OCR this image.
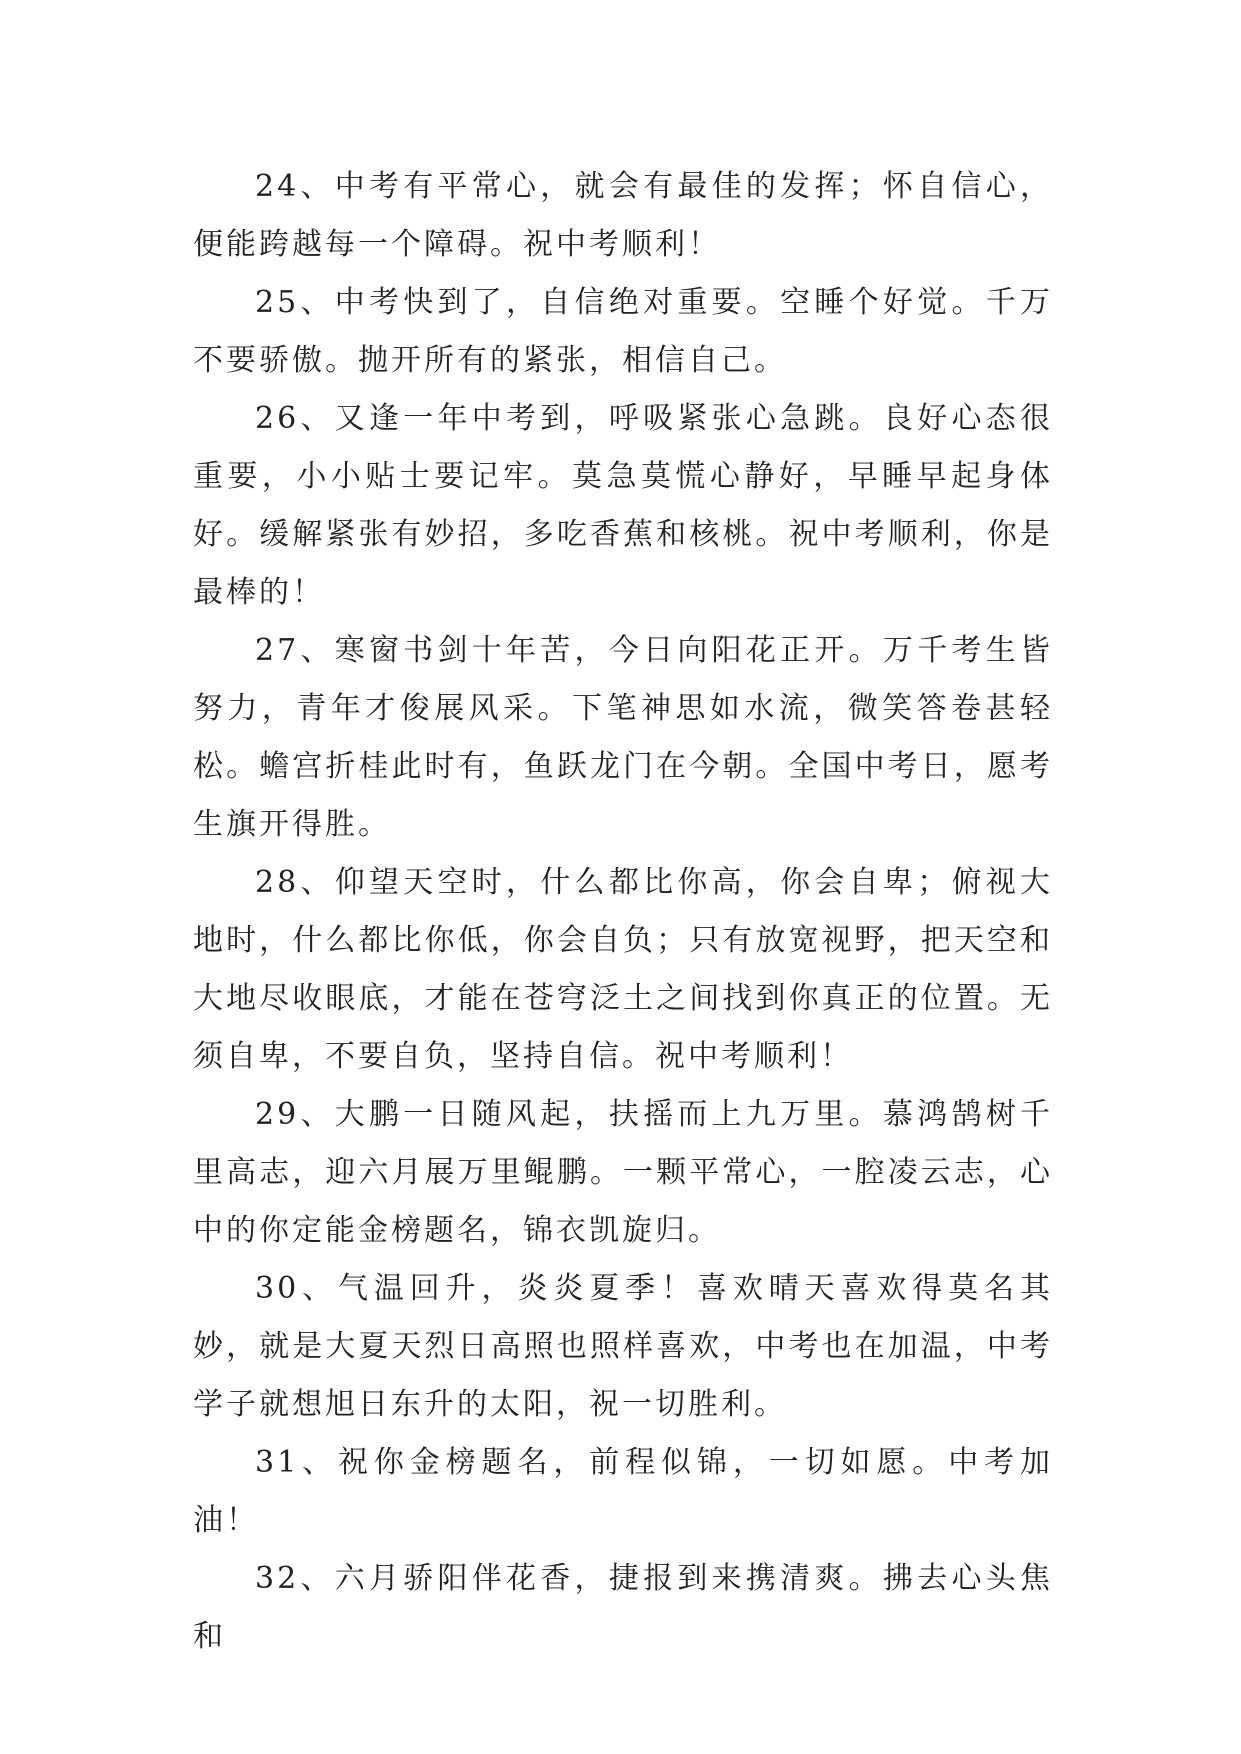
24、中考有平常心，就会有最佳的发挥；怀自信心，便能跨越每一个障碍。祝中考顺利！

25、中考快到了，自信绝对重要。空睡个好觉。千万不要骄傲。抛开所有的紧张，相信自己。

26、又逢一年中考到，呼吸紧张心急跳。良好心态很重要，小小贴士要记牢。莫急莫慌心静好，早睡早起身体好。缓解紧张有妙招，多吃香蕉和核桃。祝中考顺利，你是最棒的！

27、寒窗书剑十年苦，今日向阳花正开。万千考生皆努力，青年才俊展风采。下笔神思如水流，微笑答卷甚轻松。蟾宫折桂此时有，鱼跃龙门在今朝。全国中考日，愿考生旗开得胜。

28、仰望天空时，什么都比你高，你会自卑；俯视大地时，什么都比你低，你会自负；只有放宽视野，把天空和大地尽收眼底，才能在苍穹泛土之间找到你真正的位置。无须自卑，不要自负，坚持自信。祝中考顺利！

29、大鹏一日随风起，扶摇而上九万里。慕鸿鹄树千里高志，迎六月展万里鲲鹏。一颗平常心，一腔凌云志，心中的你定能金榜题名，锦衣凯旋归。

30、气温回升，炎炎夏季！喜欢晴天喜欢得莫名其妙，就是大夏天烈日高照也照样喜欢，中考也在加温，中考学子就想旭日东升的太阳，祝一切胜利。

31、祝你金榜题名，前程似锦，一切如愿。中考加油！

32、六月骄阳伴花香，捷报到来携清爽。拂去心头焦和
